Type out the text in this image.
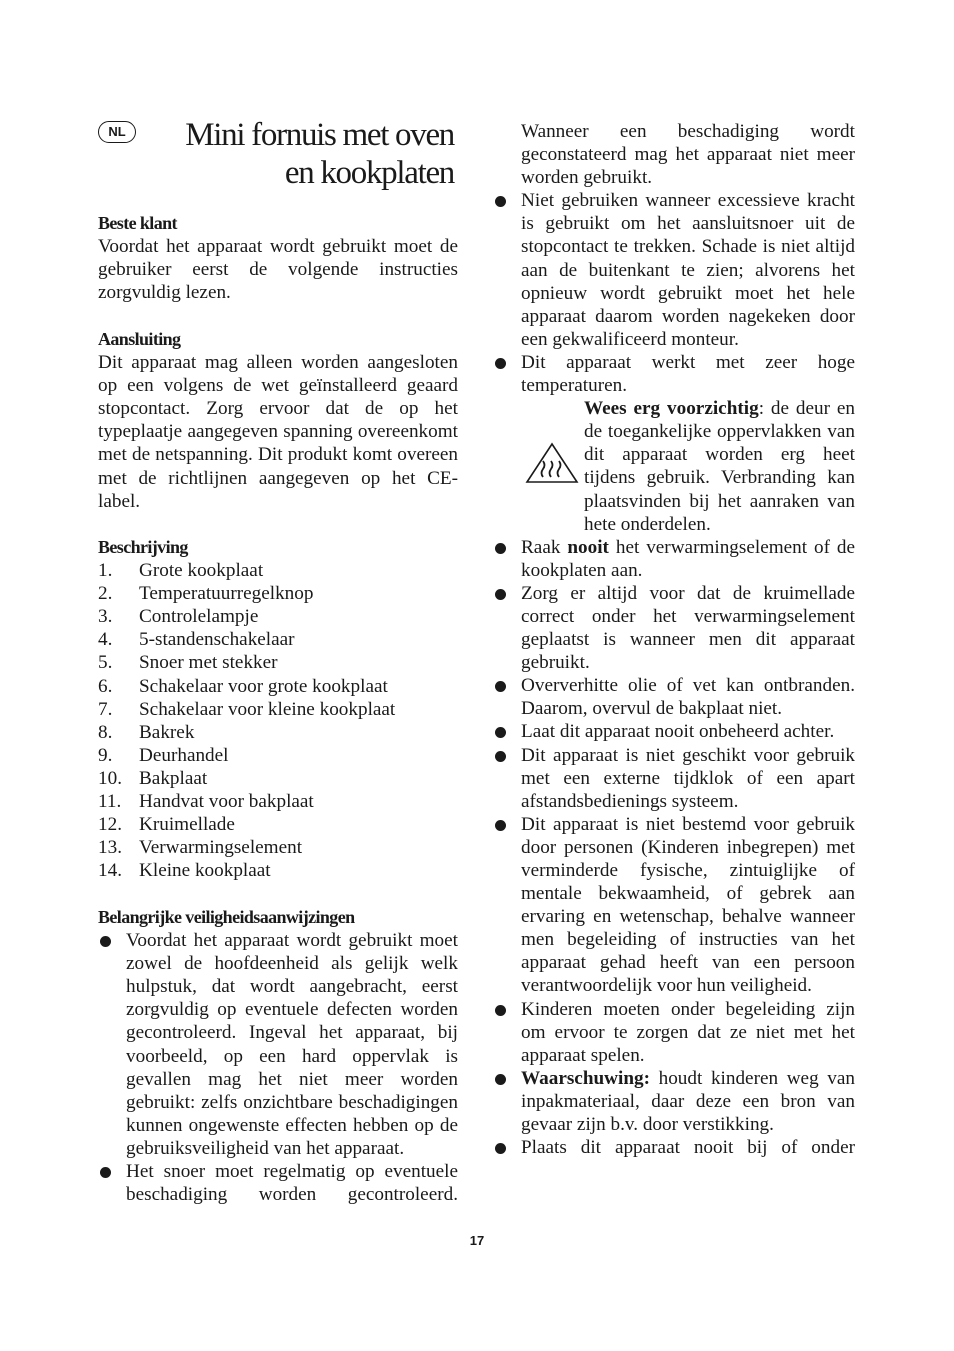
NL	Mini fornuis met oven
en kookplaten
Beste klant

Voordat het apparaat wordt gebruikt moet de gebruiker eerst de volgende instructies zorgvuldig lezen.

Aansluiting

Dit apparaat mag alleen worden aangesloten op een volgens de wet geïnstalleerd geaard stopcontact. Zorg ervoor dat de op het typeplaatje aangegeven spanning overeenkomt met de netspanning. Dit produkt komt overeen met de richtlijnen aangegeven op het CE-label.

Beschrijving
1. Grote kookplaat
2. Temperatuurregelknop
3. Controlelampje
4. 5-standenschakelaar
5. Snoer met stekker
6. Schakelaar voor grote kookplaat
7. Schakelaar voor kleine kookplaat
8. Bakrek
9. Deurhandel
10. Bakplaat
11. Handvat voor bakplaat
12. Kruimellade
13. Verwarmingselement
14. Kleine kookplaat
Belangrijke veiligheidsaanwijzingen
Voordat het apparaat wordt gebruikt moet zowel de hoofdeenheid als gelijk welk hulpstuk, dat wordt aangebracht, eerst zorgvuldig op eventuele defecten worden gecontroleerd. Ingeval het apparaat, bij voorbeeld, op een hard oppervlak is gevallen mag het niet meer worden gebruikt: zelfs onzichtbare beschadigingen kunnen ongewenste effecten hebben op de gebruiksveiligheid van het apparaat.
Het snoer moet regelmatig op eventuele beschadiging worden gecontroleerd.

Wanneer een beschadiging wordt geconstateerd mag het apparaat niet meer worden gebruikt.

Niet gebruiken wanneer excessieve kracht is gebruikt om het aansluitsnoer uit de stopcontact te trekken. Schade is niet altijd aan de buitenkant te zien; alvorens het opnieuw wordt gebruikt moet het hele apparaat daarom worden nagekeken door een gekwalificeerd monteur.
Dit apparaat werkt met zeer hoge temperaturen.

Wees erg voorzichtig: de deur en de toegankelijke oppervlakken van dit apparaat worden erg heet tijdens gebruik. Verbranding kan plaatsvinden bij het aanraken van hete onderdelen.

Raak nooit het verwarmingselement of de kookplaten aan.
Zorg er altijd voor dat de kruimellade correct onder het verwarmingselement geplaatst is wanneer men dit apparaat gebruikt.
Oververhitte olie of vet kan ontbranden. Daarom, overvul de bakplaat niet.
Laat dit apparaat nooit onbeheerd achter.
Dit apparaat is niet geschikt voor gebruik met een externe tijdklok of een apart afstandsbedienings systeem.
Dit apparaat is niet bestemd voor gebruik door personen (Kinderen inbegrepen) met verminderde fysische, zintuiglijke of mentale bekwaamheid, of gebrek aan ervaring en wetenschap, behalve wanneer men begeleiding of instructies van het apparaat gehad heeft van een persoon verantwoordelijk voor hun veiligheid.
Kinderen moeten onder begeleiding zijn om ervoor te zorgen dat ze niet met het apparaat spelen.
Waarschuwing: houdt kinderen weg van inpakmateriaal, daar deze een bron van gevaar zijn b.v. door verstikking.
Plaats dit apparaat nooit bij of onder
17
